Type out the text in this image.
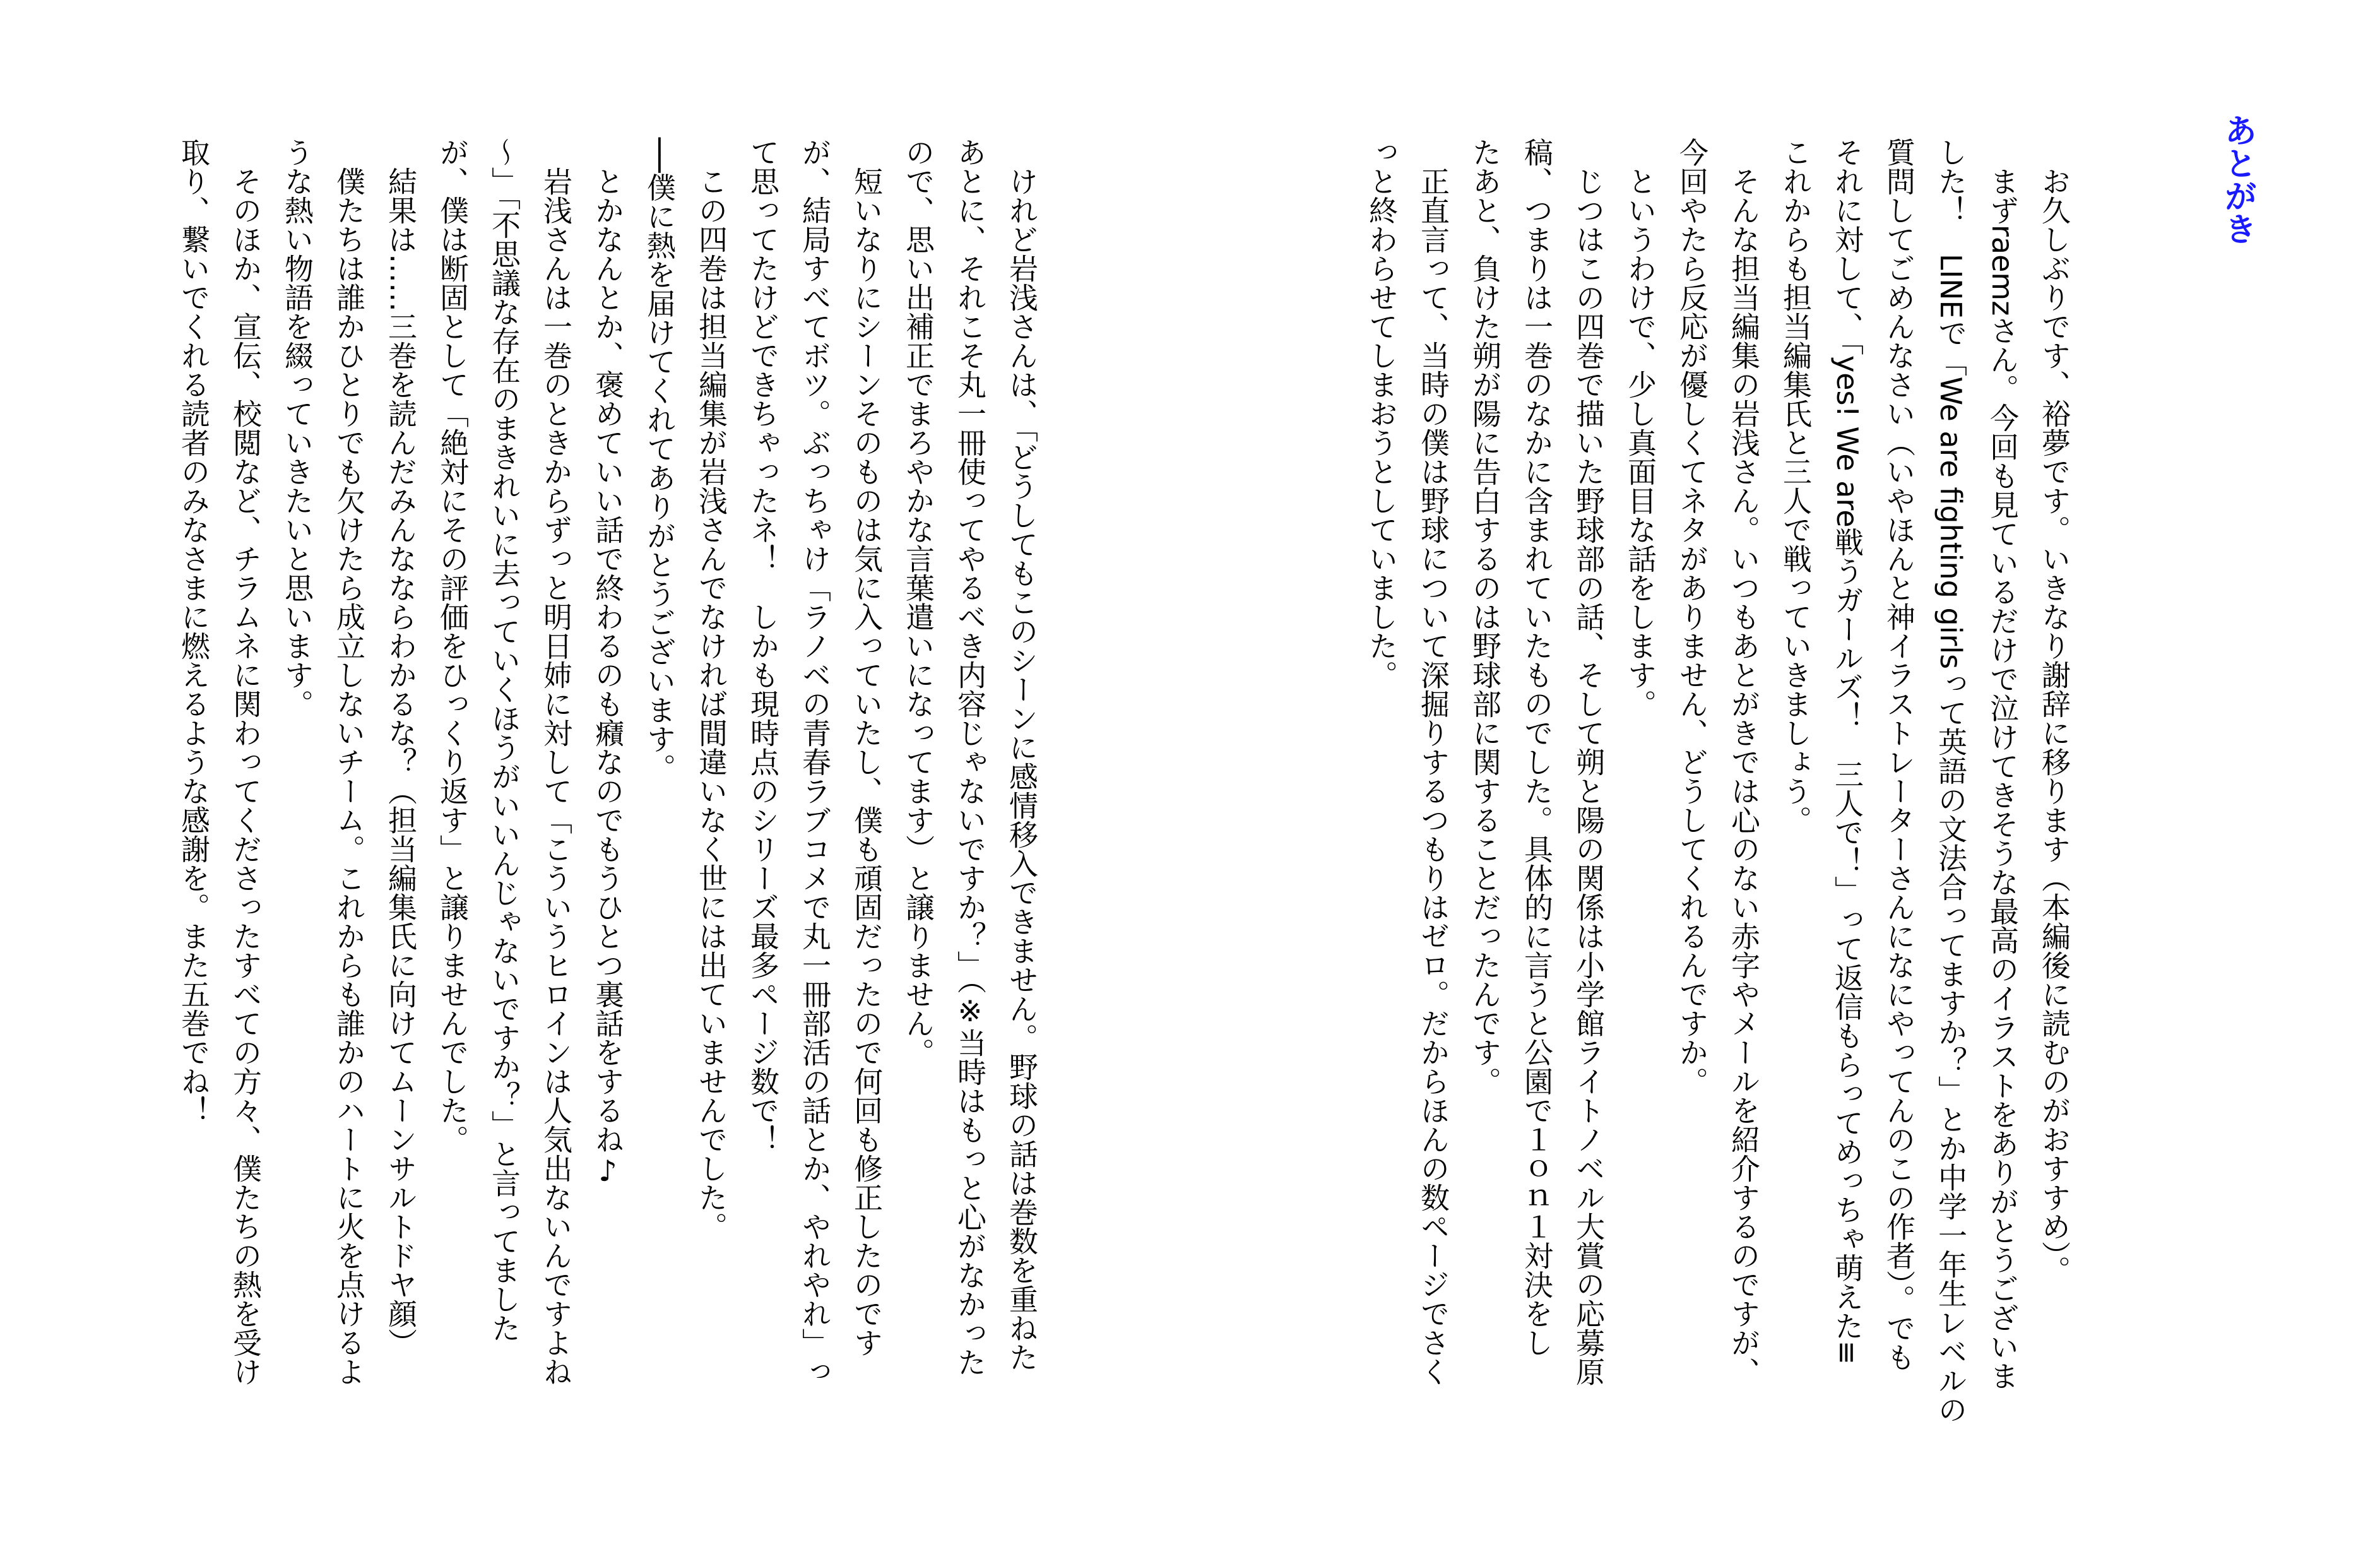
あとがき
お久しぶりです、裕夢です。いきなり謝辞に移ります（本編後に読むのがおすすめ）。
まずraemzさん。今回も見ているだけで泣けてきそうな最高のイラストをありがとうございま
した！　LINEで「We are fighting girlsって英語の文法合ってますか？」とか中学一年生レベルの
質問してごめんなさい（いやほんと神イラストレーターさんになにやってんのこの作者）。でも
それに対して、「yes! We are戦うガールズ！　三人で！」って返信もらってめっちゃ萌えた≡
これからも担当編集氏と三人で戦っていきましょう。
そんな担当編集の岩浅さん。いつもあとがきでは心のない赤字やメールを紹介するのですが、
今回やたら反応が優しくてネタがありません、どうしてくれるんですか。
というわけで、少し真面目な話をします。
じつはこの四巻で描いた野球部の話、そして朔と陽の関係は小学館ライトノベル大賞の応募原
稿、つまりは一巻のなかに含まれていたものでした。具体的に言うと公園で１ｏｎ１対決をし
たあと、負けた朔が陽に告白するのは野球部に関することだったんです。
正直言って、当時の僕は野球について深掘りするつもりはゼロ。だからほんの数ページでさく
っと終わらせてしまおうとしていました。
けれど岩浅さんは、「どうしてもこのシーンに感情移入できません。野球の話は巻数を重ねた
あとに、それこそ丸一冊使ってやるべき内容じゃないですか？」（※当時はもっと心がなかった
ので、思い出補正でまろやかな言葉遣いになってます）と譲りません。
短いなりにシーンそのものは気に入っていたし、僕も頑固だったので何回も修正したのです
が、結局すべてボツ。ぶっちゃけ「ラノベの青春ラブコメで丸一冊部活の話とか、やれやれ」っ
て思ってたけどできちゃったネ！　しかも現時点のシリーズ最多ページ数で！
この四巻は担当編集が岩浅さんでなければ間違いなく世には出ていませんでした。
──僕に熱を届けてくれてありがとうございます。
とかなんとか、褒めていい話で終わるのも癪なのでもうひとつ裏話をするね♪
岩浅さんは一巻のときからずっと明日姉に対して「こういうヒロインは人気出ないんですよね
～」「不思議な存在のまきれいに去っていくほうがいいんじゃないですか？」と言ってました
が、僕は断固として「絶対にその評価をひっくり返す」と譲りませんでした。
結果は……三巻を読んだみんなならわかるな？（担当編集氏に向けてムーンサルトドヤ顔）
僕たちは誰かひとりでも欠けたら成立しないチーム。これからも誰かのハートに火を点けるよ
うな熱い物語を綴っていきたいと思います。
そのほか、宣伝、校閲など、チラムネに関わってくださったすべての方々、僕たちの熱を受け
取り、繋いでくれる読者のみなさまに燃えるような感謝を。また五巻でね！
